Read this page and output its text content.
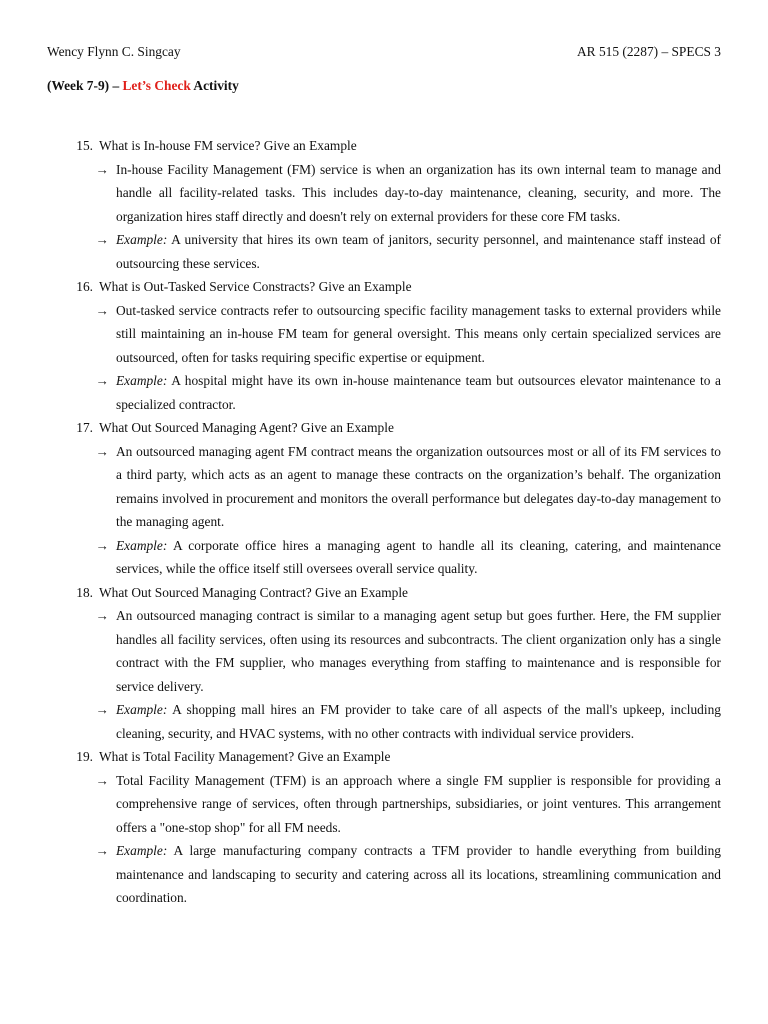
Wency Flynn C. Singcay	AR 515 (2287) – SPECS 3
(Week 7-9) – Let’s Check Activity
15. What is In-house FM service? Give an Example
→ In-house Facility Management (FM) service is when an organization has its own internal team to manage and handle all facility-related tasks. This includes day-to-day maintenance, cleaning, security, and more. The organization hires staff directly and doesn't rely on external providers for these core FM tasks.
→ Example: A university that hires its own team of janitors, security personnel, and maintenance staff instead of outsourcing these services.
16. What is Out-Tasked Service Constracts? Give an Example
→ Out-tasked service contracts refer to outsourcing specific facility management tasks to external providers while still maintaining an in-house FM team for general oversight. This means only certain specialized services are outsourced, often for tasks requiring specific expertise or equipment.
→ Example: A hospital might have its own in-house maintenance team but outsources elevator maintenance to a specialized contractor.
17. What Out Sourced Managing Agent? Give an Example
→ An outsourced managing agent FM contract means the organization outsources most or all of its FM services to a third party, which acts as an agent to manage these contracts on the organization’s behalf. The organization remains involved in procurement and monitors the overall performance but delegates day-to-day management to the managing agent.
→ Example: A corporate office hires a managing agent to handle all its cleaning, catering, and maintenance services, while the office itself still oversees overall service quality.
18. What Out Sourced Managing Contract? Give an Example
→ An outsourced managing contract is similar to a managing agent setup but goes further. Here, the FM supplier handles all facility services, often using its resources and subcontracts. The client organization only has a single contract with the FM supplier, who manages everything from staffing to maintenance and is responsible for service delivery.
→ Example: A shopping mall hires an FM provider to take care of all aspects of the mall's upkeep, including cleaning, security, and HVAC systems, with no other contracts with individual service providers.
19. What is Total Facility Management? Give an Example
→ Total Facility Management (TFM) is an approach where a single FM supplier is responsible for providing a comprehensive range of services, often through partnerships, subsidiaries, or joint ventures. This arrangement offers a "one-stop shop" for all FM needs.
→ Example: A large manufacturing company contracts a TFM provider to handle everything from building maintenance and landscaping to security and catering across all its locations, streamlining communication and coordination.
